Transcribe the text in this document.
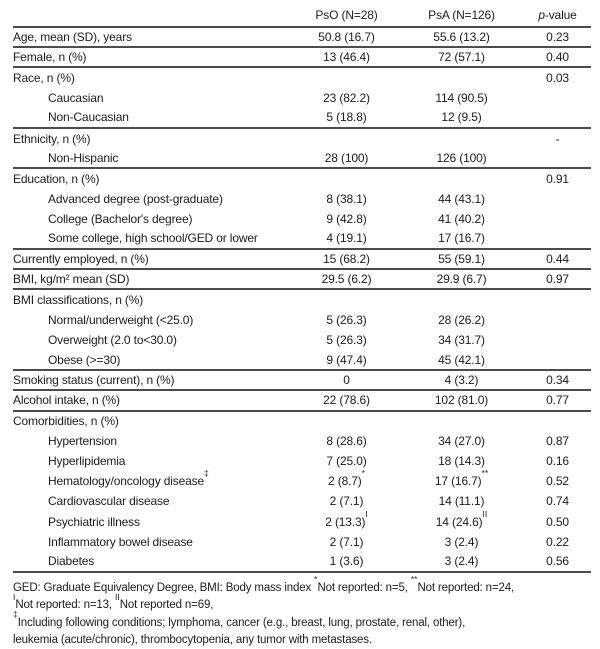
	PsO (N=28)	PsA (N=126)	p-value
Age, mean (SD), years	50.8 (16.7)	55.6 (13.2)	0.23
Female, n (%)	13 (46.4)	72 (57.1)	0.40
Race, n (%)			0.03
Caucasian	23 (82.2)	114 (90.5)	
Non-Caucasian	5 (18.8)	12 (9.5)	
Ethnicity, n (%)			-
Non-Hispanic	28 (100)	126 (100)	
Education, n (%)			0.91
Advanced degree (post-graduate)	8 (38.1)	44 (43.1)	
College (Bachelor's degree)	9 (42.8)	41 (40.2)	
Some college, high school/GED or lower	4 (19.1)	17 (16.7)	
Currently employed, n (%)	15 (68.2)	55 (59.1)	0.44
BMI, kg/m² mean (SD)	29.5 (6.2)	29.9 (6.7)	0.97
BMI classifications, n (%)			
Normal/underweight (<25.0)	5 (26.3)	28 (26.2)	
Overweight (2.0 to<30.0)	5 (26.3)	34 (31.7)	
Obese (>=30)	9 (47.4)	45 (42.1)	
Smoking status (current), n (%)	0	4 (3.2)	0.34
Alcohol intake, n (%)	22 (78.6)	102 (81.0)	0.77
Comorbidities, n (%)			
Hypertension	8 (28.6)	34 (27.0)	0.87
Hyperlipidemia	7 (25.0)	18 (14.3)	0.16
Hematology/oncology disease‡	2 (8.7)*	17 (16.7)**	0.52
Cardiovascular disease	2 (7.1)	14 (11.1)	0.74
Psychiatric illness	2 $(13.3)^I$	14 $(24.6)^{II}$	0.50
Inflammatory bowel disease	2 (7.1)	3 (2.4)	0.22
Diabetes	1 (3.6)	3 (2.4)	0.56
GED: Graduate Equivalency Degree, BMI: Body mass index *Not reported: n=5, **Not reported: n=24,
$^I$Not reported: n=13, $^{II}$Not reported n=69,
‡Including following conditions; lymphoma, cancer (e.g., breast, lung, prostate, renal, other),
leukemia (acute/chronic), thrombocytopenia, any tumor with metastases.
